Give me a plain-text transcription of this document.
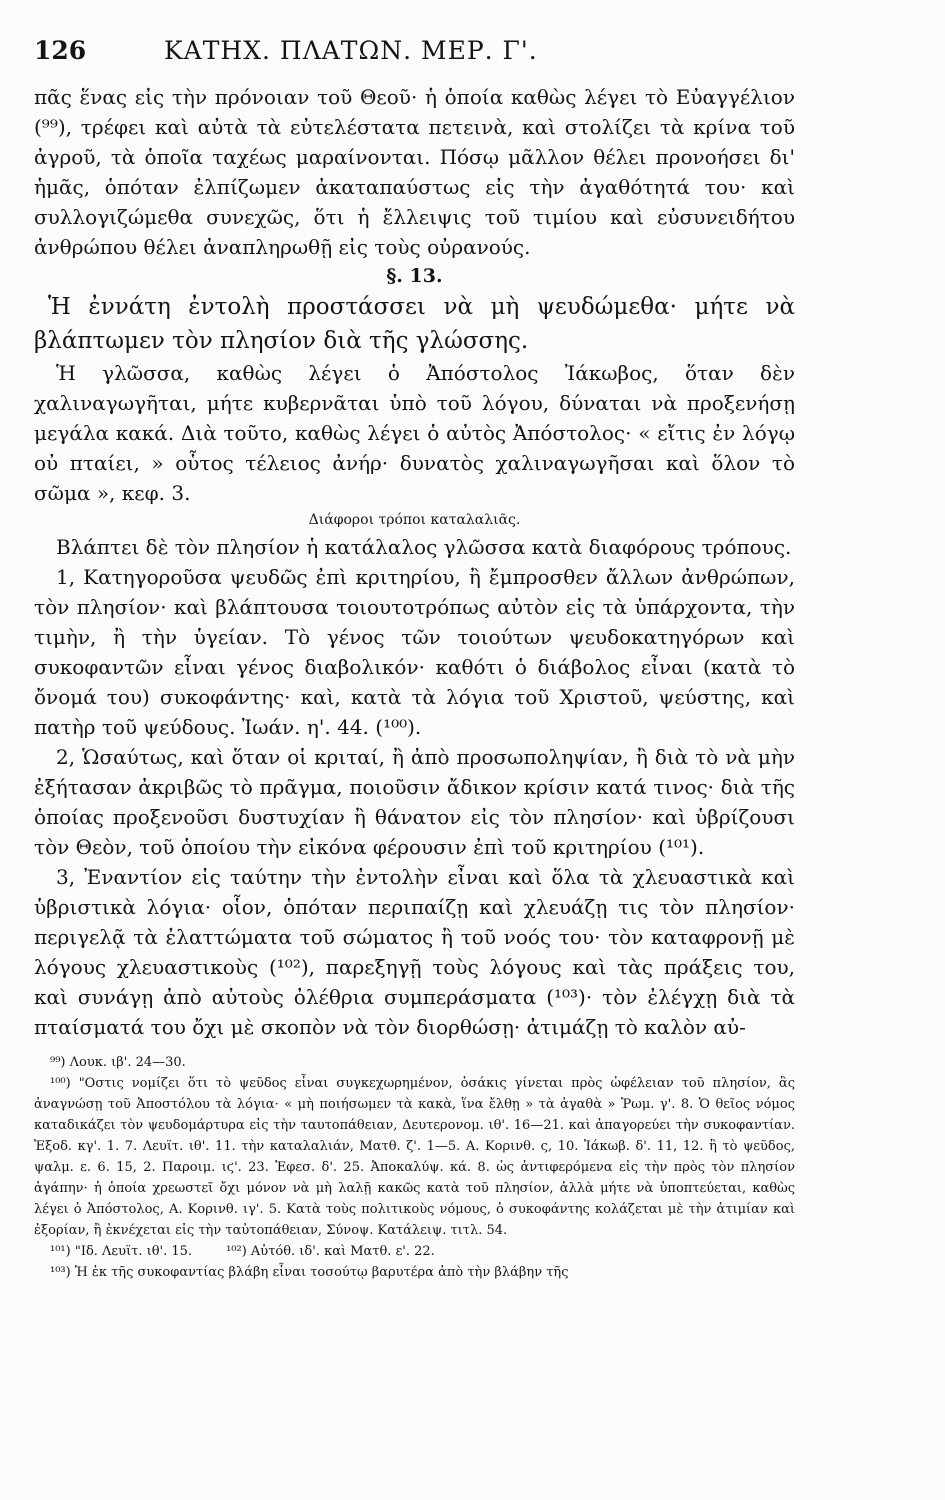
126	ΚΑΤΗΧ. ΠΛΑΤΩΝ. ΜΕΡ. Γ'.

πᾶς ἕνας εἰς τὴν πρόνοιαν τοῦ Θεοῦ· ἡ ὁποία καθὼς λέγει τὸ Εὐαγγέλιον (⁹⁹), τρέφει καὶ αὐτὰ τὰ εὐτελέστατα πετεινὰ, καὶ στολίζει τὰ κρίνα τοῦ ἀγροῦ, τὰ ὁποῖα ταχέως μαραίνονται. Πόσῳ μᾶλλον θέλει προνοήσει δι' ἡμᾶς, ὁπόταν ἐλπίζωμεν ἀκαταπαύστως εἰς τὴν ἀγαθότητά του· καὶ συλλογιζώμεθα συνεχῶς, ὅτι ἡ ἔλλειψις τοῦ τιμίου καὶ εὐσυνειδήτου ἀνθρώπου θέλει ἀναπληρωθῇ εἰς τοὺς οὐρανούς.

§. 13.

Ἡ ἐννάτη ἐντολὴ προστάσσει νὰ μὴ ψευδώμεθα· μήτε νὰ βλάπτωμεν τὸν πλησίον διὰ τῆς γλώσσης.

Ἡ γλῶσσα, καθὼς λέγει ὁ Ἀπόστολος Ἰάκωβος, ὅταν δὲν χαλιναγωγῆται, μήτε κυβερνᾶται ὑπὸ τοῦ λόγου, δύναται νὰ προξενήσῃ μεγάλα κακά. Διὰ τοῦτο, καθὼς λέγει ὁ αὐτὸς Ἀπόστολος· « εἴτις ἐν λόγῳ οὐ πταίει, » οὗτος τέλειος ἀνήρ· δυνατὸς χαλιναγωγῆσαι καὶ ὅλον τὸ σῶμα », κεφ. 3.

Διάφοροι τρόποι καταλαλιᾶς.

Βλάπτει δὲ τὸν πλησίον ἡ κατάλαλος γλῶσσα κατὰ διαφόρους τρόπους.

1, Κατηγοροῦσα ψευδῶς ἐπὶ κριτηρίου, ἢ ἔμπροσθεν ἄλλων ἀνθρώπων, τὸν πλησίον· καὶ βλάπτουσα τοιουτοτρόπως αὐτὸν εἰς τὰ ὑπάρχοντα, τὴν τιμὴν, ἢ τὴν ὑγείαν. Τὸ γένος τῶν τοιούτων ψευδοκατηγόρων καὶ συκοφαντῶν εἶναι γένος διαβολικόν· καθότι ὁ διάβολος εἶναι (κατὰ τὸ ὄνομά του) συκοφάντης· καὶ, κατὰ τὰ λόγια τοῦ Χριστοῦ, ψεύστης, καὶ πατὴρ τοῦ ψεύδους. Ἰωάν. η'. 44. (¹⁰⁰).

2, Ὡσαύτως, καὶ ὅταν οἱ κριταί, ἢ ἀπὸ προσωποληψίαν, ἢ διὰ τὸ νὰ μὴν ἐξήτασαν ἀκριβῶς τὸ πρᾶγμα, ποιοῦσιν ἄδικον κρίσιν κατά τινος· διὰ τῆς ὁποίας προξενοῦσι δυστυχίαν ἢ θάνατον εἰς τὸν πλησίον· καὶ ὑβρίζουσι τὸν Θεὸν, τοῦ ὁποίου τὴν εἰκόνα φέρουσιν ἐπὶ τοῦ κριτηρίου (¹⁰¹).

3, Ἐναντίον εἰς ταύτην τὴν ἐντολὴν εἶναι καὶ ὅλα τὰ χλευαστικὰ καὶ ὑβριστικὰ λόγια· οἷον, ὁπόταν περιπαίζῃ καὶ χλευάζῃ τις τὸν πλησίον· περιγελᾷ τὰ ἐλαττώματα τοῦ σώματος ἢ τοῦ νοός του· τὸν καταφρονῇ μὲ λόγους χλευαστικοὺς (¹⁰²), παρεξηγῇ τοὺς λόγους καὶ τὰς πράξεις του, καὶ συνάγῃ ἀπὸ αὐτοὺς ὀλέθρια συμπεράσματα (¹⁰³)· τὸν ἐλέγχῃ διὰ τὰ πταίσματά του ὄχι μὲ σκοπὸν νὰ τὸν διορθώσῃ· ἀτιμάζῃ τὸ καλὸν αὐ-

⁹⁹) Λουκ. ιβ'. 24—30.

¹⁰⁰) "Οστις νομίζει ὅτι τὸ ψεῦδος εἶναι συγκεχωρημένον, ὁσάκις γίνεται πρὸς ὠφέλειαν τοῦ πλησίον, ἂς ἀναγνώσῃ τοῦ Ἀποστόλου τὰ λόγια· « μὴ ποιήσωμεν τὰ κακὰ, ἵνα ἔλθῃ » τὰ ἀγαθὰ » Ῥωμ. γ'. 8. Ὁ θεῖος νόμος καταδικάζει τὸν ψευδομάρτυρα εἰς τὴν ταυτοπάθειαν, Δευτερονομ. ιθ'. 16—21. καὶ ἀπαγορεύει τὴν συκοφαντίαν. Ἐξοδ. κγ'. 1. 7. Λευϊτ. ιθ'. 11. τὴν καταλαλιάν, Ματθ. ζ'. 1—5. Α. Κορινθ. ς, 10. Ἰάκωβ. δ'. 11, 12. ἢ τὸ ψεῦδος, ψαλμ. ε. 6. 15, 2. Παροιμ. ιϛ'. 23. Ἐφεσ. δ'. 25. Ἀποκαλύψ. κά. 8. ὡς ἀντιφερόμενα εἰς τὴν πρὸς τὸν πλησίον ἀγάπην· ἡ ὁποία χρεωστεῖ ὄχι μόνον νὰ μὴ λαλῇ κακῶς κατὰ τοῦ πλησίον, ἀλλὰ μήτε νὰ ὑποπτεύεται, καθὼς λέγει ὁ Ἀπόστολος, Α. Κορινθ. ιγ'. 5. Κατὰ τοὺς πολιτικοὺς νόμους, ὁ συκοφάντης κολάζεται μὲ τὴν ἀτιμίαν καὶ ἐξορίαν, ἢ ἐκνέχεται εἰς τὴν ταὐτοπάθειαν, Σύνοψ. Κατάλειψ. τιτλ. 54.

¹⁰¹) "Ιδ. Λευϊτ. ιθ'. 15.	¹⁰²) Αὐτόθ. ιδ'. καὶ Ματθ. ε'. 22.

¹⁰³) Ἡ ἐκ τῆς συκοφαντίας βλάβη εἶναι τοσούτῳ βαρυτέρα ἀπὸ τὴν βλάβην τῆς
